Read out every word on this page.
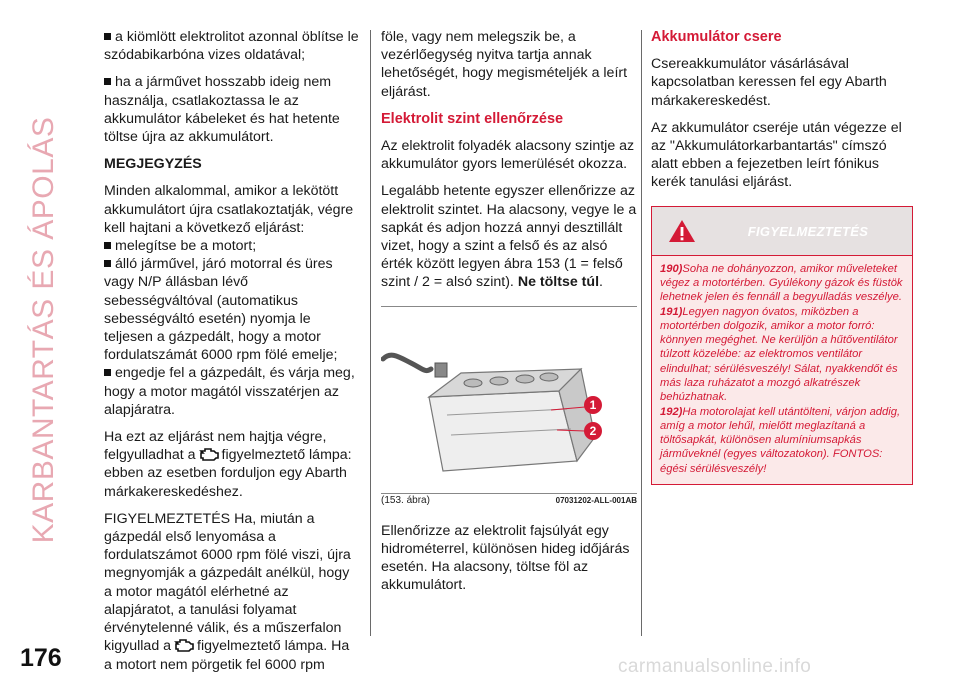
KARBANTARTÁS ÉS ÁPOLÁS
176

a kiömlött elektrolitot azonnal öblítse le szódabikarbóna vizes oldatával;

ha a járművet hosszabb ideig nem használja, csatlakoztassa le az akkumulátor kábeleket és hat hetente töltse újra az akkumulátort.

MEGJEGYZÉS

Minden alkalommal, amikor a lekötött akkumulátort újra csatlakoztatják, végre kell hajtani a következő eljárást:

melegítse be a motort;

álló járművel, járó motorral és üres vagy N/P állásban lévő sebességváltóval (automatikus sebességváltó esetén) nyomja le teljesen a gázpedált, hogy a motor fordulatszámát 6000 rpm fölé emelje;

engedje fel a gázpedált, és várja meg, hogy a motor magától visszatérjen az alapjáratra.

Ha ezt az eljárást nem hajtja végre, felgyulladhat a figyelmeztető lámpa: ebben az esetben forduljon egy Abarth márkakereskedéshez.

FIGYELMEZTETÉS Ha, miután a gázpedál első lenyomása a fordulatszámot 6000 rpm fölé viszi, újra megnyomják a gázpedált anélkül, hogy a motor magától elérhetné az alapjáratot, a tanulási folyamat érvénytelenné válik, és a műszerfalon kigyullad a figyelmeztető lámpa. Ha a motort nem pörgetik fel 6000 rpm

föle, vagy nem melegszik be, a vezérlőegység nyitva tartja annak lehetőségét, hogy megismételjék a leírt eljárást.

Elektrolit szint ellenőrzése

Az elektrolit folyadék alacsony szintje az akkumulátor gyors lemerülését okozza.

Legalább hetente egyszer ellenőrizze az elektrolit szintet. Ha alacsony, vegye le a sapkát és adjon hozzá annyi desztillált vizet, hogy a szint a felső és az alsó érték között legyen ábra 153 (1 = felső szint / 2 = alsó szint). Ne töltse túl.

1
2
(153. ábra)	07031202-ALL-001AB

Ellenőrizze az elektrolit fajsúlyát egy hidrométerrel, különösen hideg időjárás esetén. Ha alacsony, töltse föl az akkumulátort.

Akkumulátor csere

Csereakkumulátor vásárlásával kapcsolatban keressen fel egy Abarth márkakereskedést.

Az akkumulátor cseréje után végezze el az "Akkumulátorkarbantartás" címszó alatt ebben a fejezetben leírt fónikus kerék tanulási eljárást.

FIGYELMEZTETÉS

190)Soha ne dohányozzon, amikor műveleteket végez a motortérben. Gyúlékony gázok és füstök lehetnek jelen és fennáll a begyulladás veszélye.

191)Legyen nagyon óvatos, miközben a motortérben dolgozik, amikor a motor forró: könnyen megéghet. Ne kerüljön a hűtőventilátor túlzott közelébe: az elektromos ventilátor elindulhat; sérülésveszély! Sálat, nyakkendőt és más laza ruházatot a mozgó alkatrészek behúzhatnak.

192)Ha motorolajat kell utántölteni, várjon addig, amíg a motor lehűl, mielőtt meglazítaná a töltősapkát, különösen alumíniumsapkás járműveknél (egyes változatokon). FONTOS: égési sérülésveszély!

carmanualsonline.info
